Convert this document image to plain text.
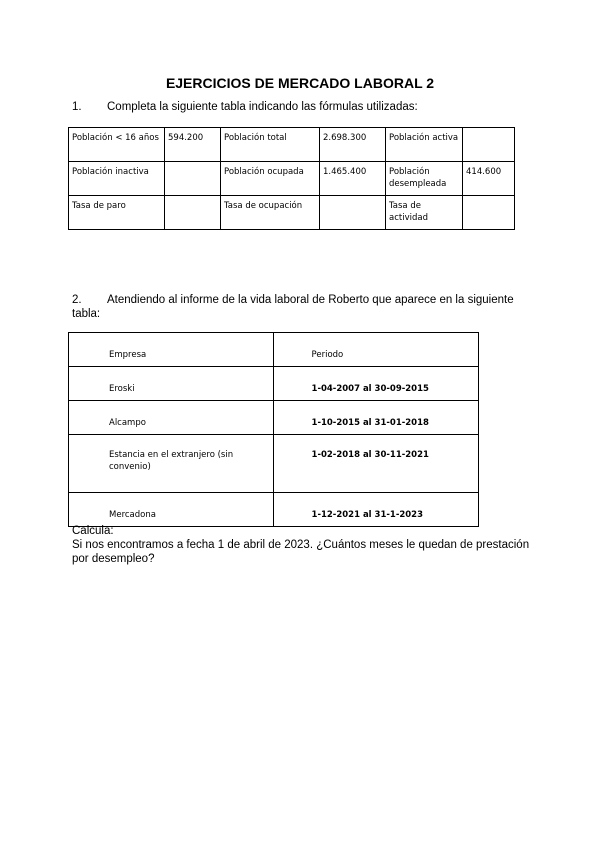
EJERCICIOS DE MERCADO LABORAL 2
1. Completa la siguiente tabla indicando las fórmulas utilizadas:
Población < 16 años	594.200	Población total	2.698.300	Población activa	
Población inactiva		Población ocupada	1.465.400	Población desempleada	414.600
Tasa de paro		Tasa de ocupación		Tasa de actividad	
2. Atendiendo al informe de la vida laboral de Roberto que aparece en la siguiente
tabla:
Empresa	Periodo
Eroski	1-04-2007 al 30-09-2015
Alcampo	1-10-2015 al 31-01-2018
Estancia en el extranjero (sin convenio)	1-02-2018 al 30-11-2021
Mercadona	1-12-2021 al 31-1-2023
Calcula:
Si nos encontramos a fecha 1 de abril de 2023. ¿Cuántos meses le quedan de prestación
por desempleo?
